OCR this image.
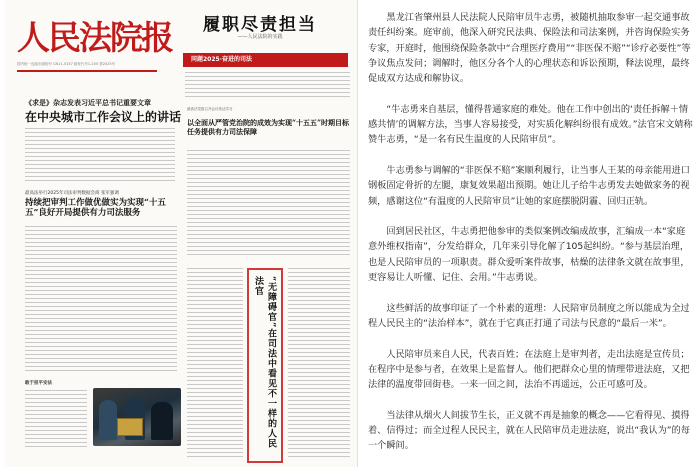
人民法院报
国内统一连续出版物号 CN11-0157 邮发代号1-105 第2025号
履职尽责担当
——人民法院的实践
同题2025·奋进的司法
《求是》杂志发表习近平总书记重要文章
在中央城市工作会议上的讲话
最高法党组召开会议传达学习
以全面从严管党治院的成效为实现“十五五”时期目标任务提供有力司法保障
最高法举行2025年司法审判数据会商 张军强调
持续把审判工作做优做实为实现“十五五”良好开局提供有力司法服务
“无障碍官”在司法中看见不一样的人民法官
敢于担平安法

黑龙江省肇州县人民法院人民陪审员牛志勇，被随机抽取参审一起交通事故责任纠纷案。庭审前，他深入研究民法典、保险法和司法案例，并咨询保险实务专家，开庭时，他围绕保险条款中“合理医疗费用”“非医保不赔”“诊疗必要性”等争议焦点发问；调解时，他区分各个人的心理状态和诉讼预期，释法说理，最终促成双方达成和解协议。

“牛志勇来自基层，懂得普通家庭的难处。他在工作中创出的‘责任拆解＋情感共情’的调解方法，当事人容易接受，对实质化解纠纷很有成效。”法官宋文婧称赞牛志勇，“是一名有民生温度的人民陪审员”。

牛志勇参与调解的“非医保不赔”案顺利履行，让当事人王某的母亲能用进口钢板固定骨折的左腿，康复效果超出预期。她让儿子给牛志勇发去她做家务的视频，感谢这位“有温度的人民陪审员”让她的家庭摆脱阴霾、回归正轨。

回到居民社区，牛志勇把他参审的类似案例改编成故事，汇编成一本“家庭意外维权指南”，分发给群众，几年来引导化解了105起纠纷。“参与基层治理，也是人民陪审员的一项职责。群众爱听案件故事，枯燥的法律条文就在故事里，更容易让人听懂、记住、会用。”牛志勇说。

这些鲜活的故事印证了一个朴素的道理：人民陪审员制度之所以能成为全过程人民民主的“法治样本”，就在于它真正打通了司法与民意的“最后一米”。

人民陪审员来自人民，代表百姓；在法庭上是审判者，走出法庭是宣传员；在程序中是参与者，在效果上是监督人。他们把群众心里的情理带进法庭，又把法律的温度带回街巷。一来一回之间，法治不再遥远，公正可感可及。

当法律从烟火人间拔节生长，正义就不再是抽象的概念——它看得见、摸得着、信得过；而全过程人民民主，就在人民陪审员走进法庭，说出“我认为”的每一个瞬间。
